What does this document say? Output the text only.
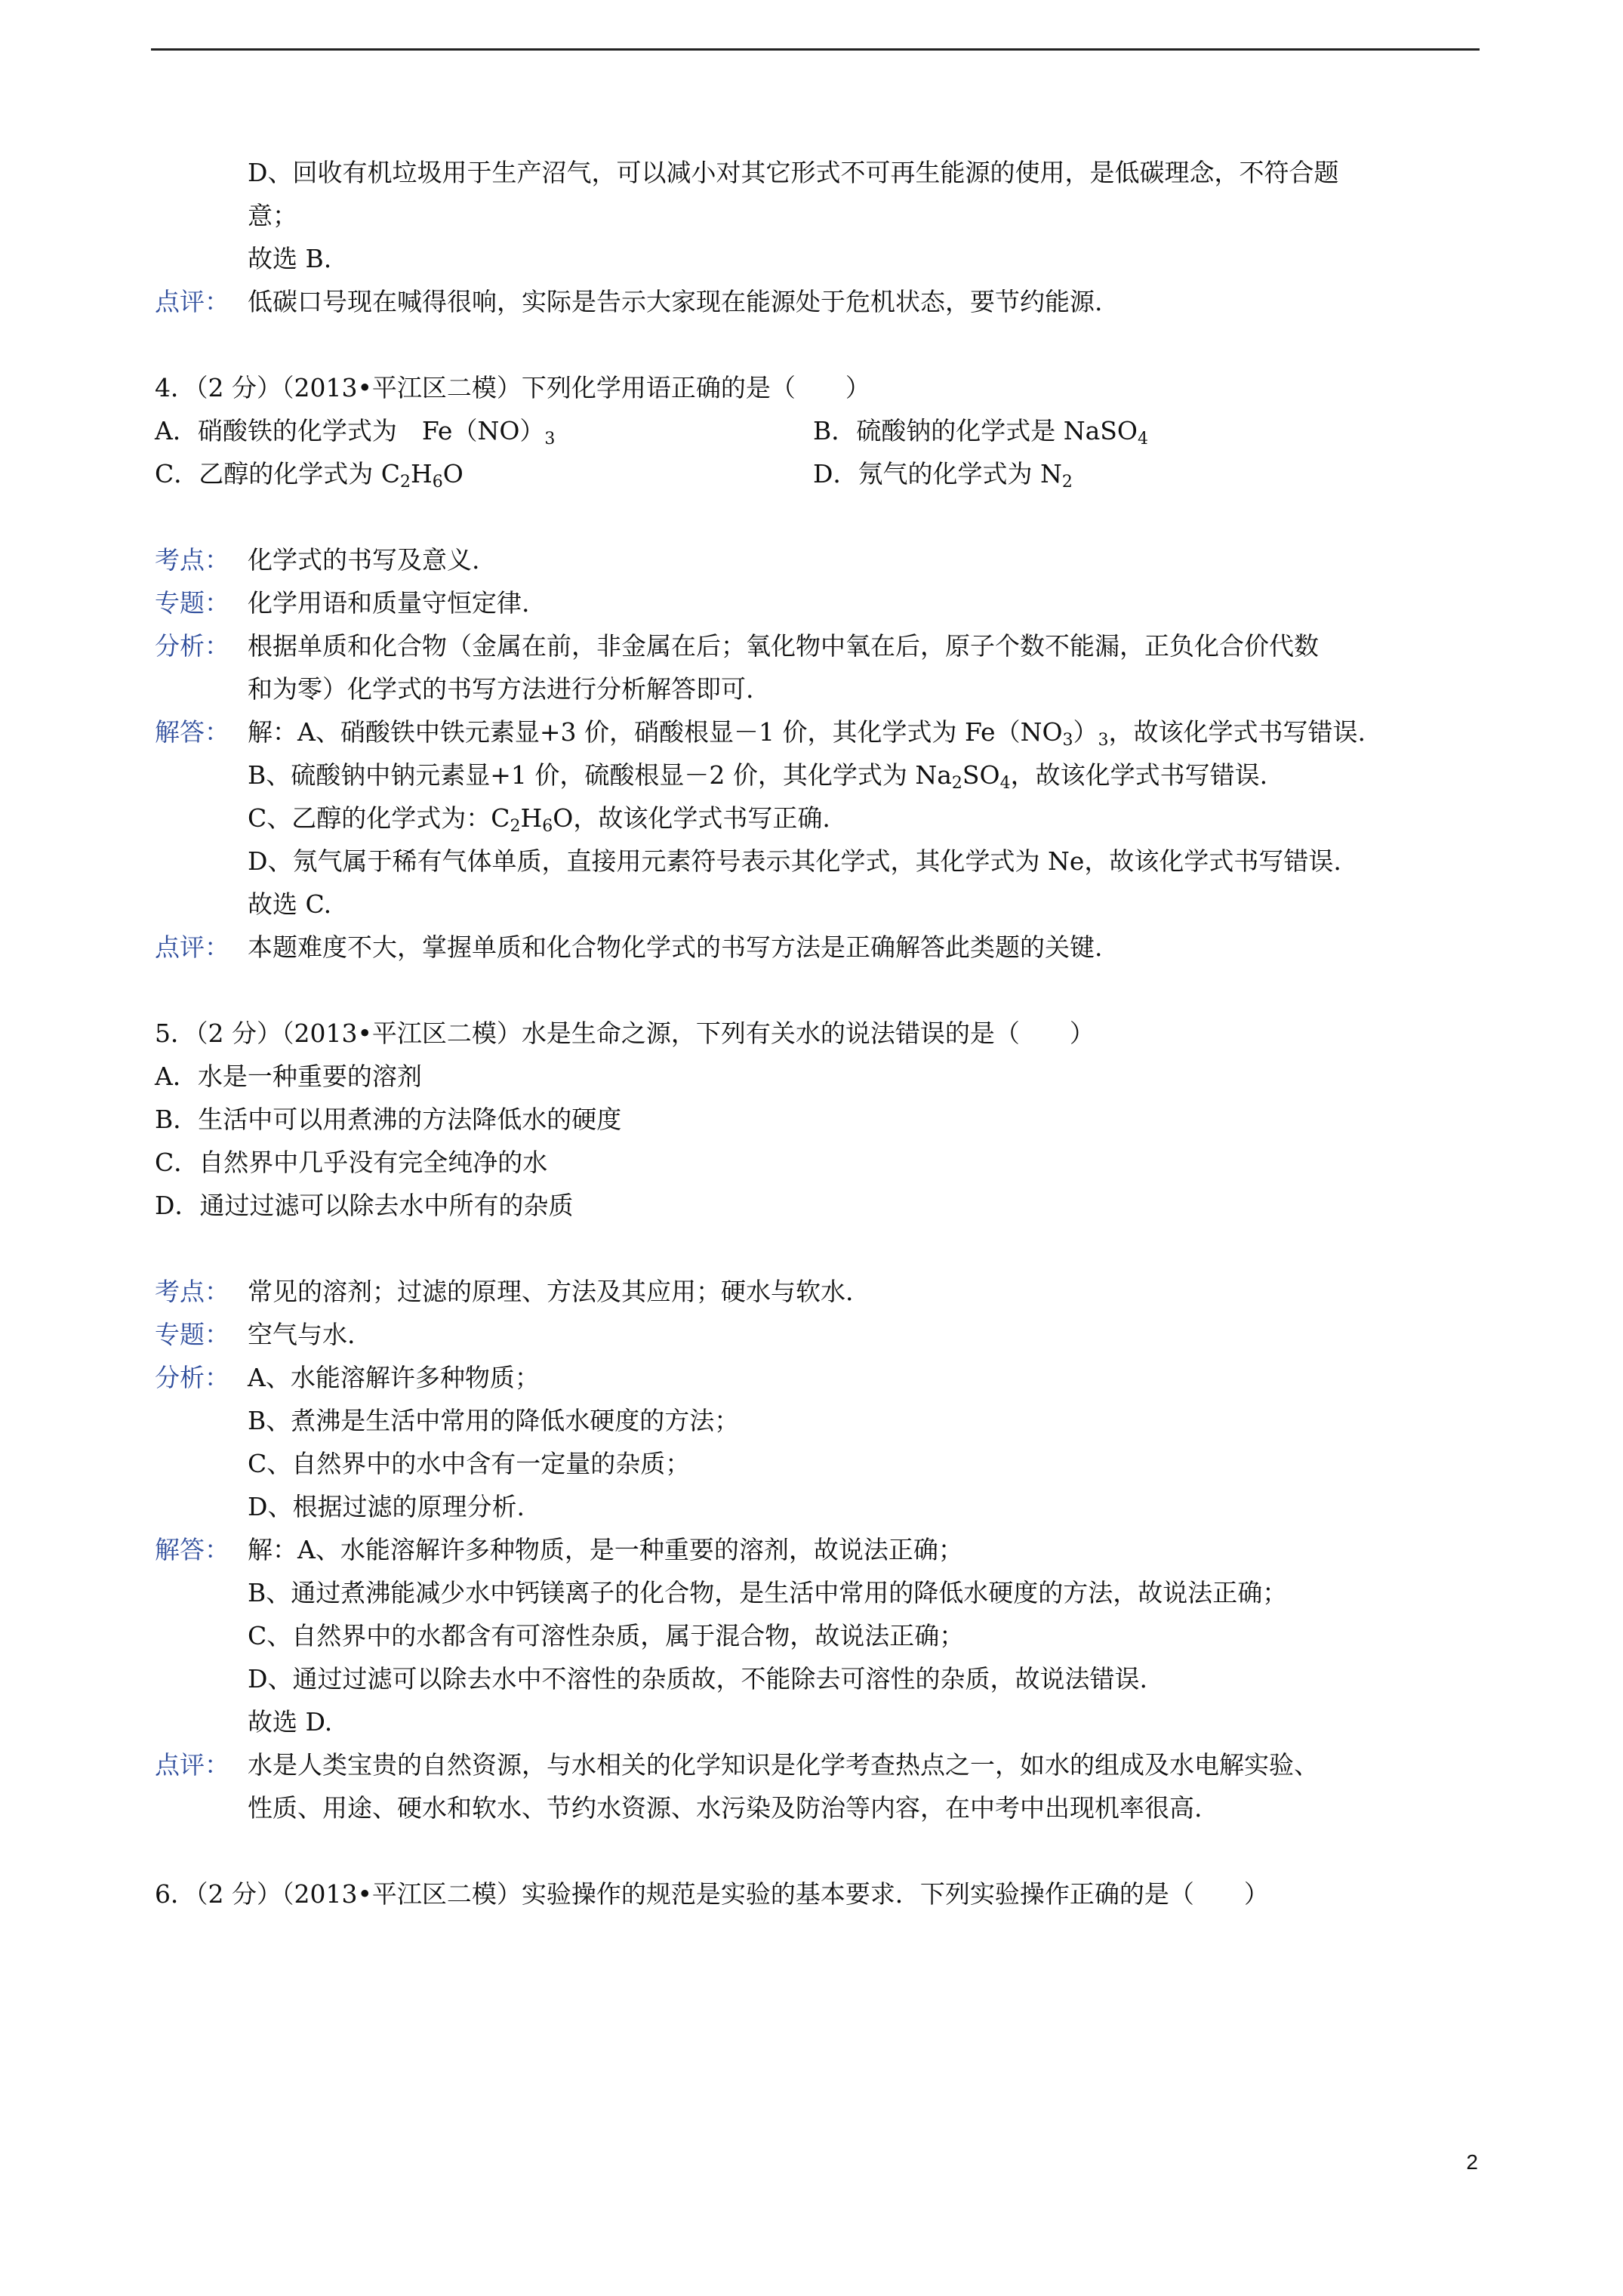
D、回收有机垃圾用于生产沼气，可以减小对其它形式不可再生能源的使用，是低碳理念，不符合题
意；
故选 B.
点评： 低碳口号现在喊得很响，实际是告示大家现在能源处于危机状态，要节约能源.
4．（2 分）（2013•平江区二模）下列化学用语正确的是（　　）
A．硝酸铁的化学式为　$Fe(NO)_3$	B．硫酸钠的化学式是 NaSO$_4$
C．乙醇的化学式为 $C_2H_6O$	D．氖气的化学式为 $N_2$
考点： 化学式的书写及意义.
专题： 化学用语和质量守恒定律.
分析： 根据单质和化合物（金属在前，非金属在后；氧化物中氧在后，原子个数不能漏，正负化合价代数
和为零）化学式的书写方法进行分析解答即可.
解答： 解：A、硝酸铁中铁元素显+3 价，硝酸根显－1 价，其化学式为 $Fe(NO_3)_3$，故该化学式书写错误.
B、硫酸钠中钠元素显+1 价，硫酸根显－2 价，其化学式为 $Na_2SO_4$，故该化学式书写错误.
C、乙醇的化学式为：$C_2H_6O$，故该化学式书写正确.
D、氖气属于稀有气体单质，直接用元素符号表示其化学式，其化学式为 Ne，故该化学式书写错误.
故选 C.
点评： 本题难度不大，掌握单质和化合物化学式的书写方法是正确解答此类题的关键.
5．（2 分）（2013•平江区二模）水是生命之源，下列有关水的说法错误的是（　　）
A．水是一种重要的溶剂
B．生活中可以用煮沸的方法降低水的硬度
C．自然界中几乎没有完全纯净的水
D．通过过滤可以除去水中所有的杂质
考点： 常见的溶剂；过滤的原理、方法及其应用；硬水与软水.
专题： 空气与水.
分析： A、水能溶解许多种物质；
B、煮沸是生活中常用的降低水硬度的方法；
C、自然界中的水中含有一定量的杂质；
D、根据过滤的原理分析.
解答： 解：A、水能溶解许多种物质，是一种重要的溶剂，故说法正确；
B、通过煮沸能减少水中钙镁离子的化合物，是生活中常用的降低水硬度的方法，故说法正确；
C、自然界中的水都含有可溶性杂质，属于混合物，故说法正确；
D、通过过滤可以除去水中不溶性的杂质故，不能除去可溶性的杂质，故说法错误.
故选 D.
点评： 水是人类宝贵的自然资源，与水相关的化学知识是化学考查热点之一，如水的组成及水电解实验、
性质、用途、硬水和软水、节约水资源、水污染及防治等内容，在中考中出现机率很高.
6．（2 分）（2013•平江区二模）实验操作的规范是实验的基本要求．下列实验操作正确的是（　　）
2
